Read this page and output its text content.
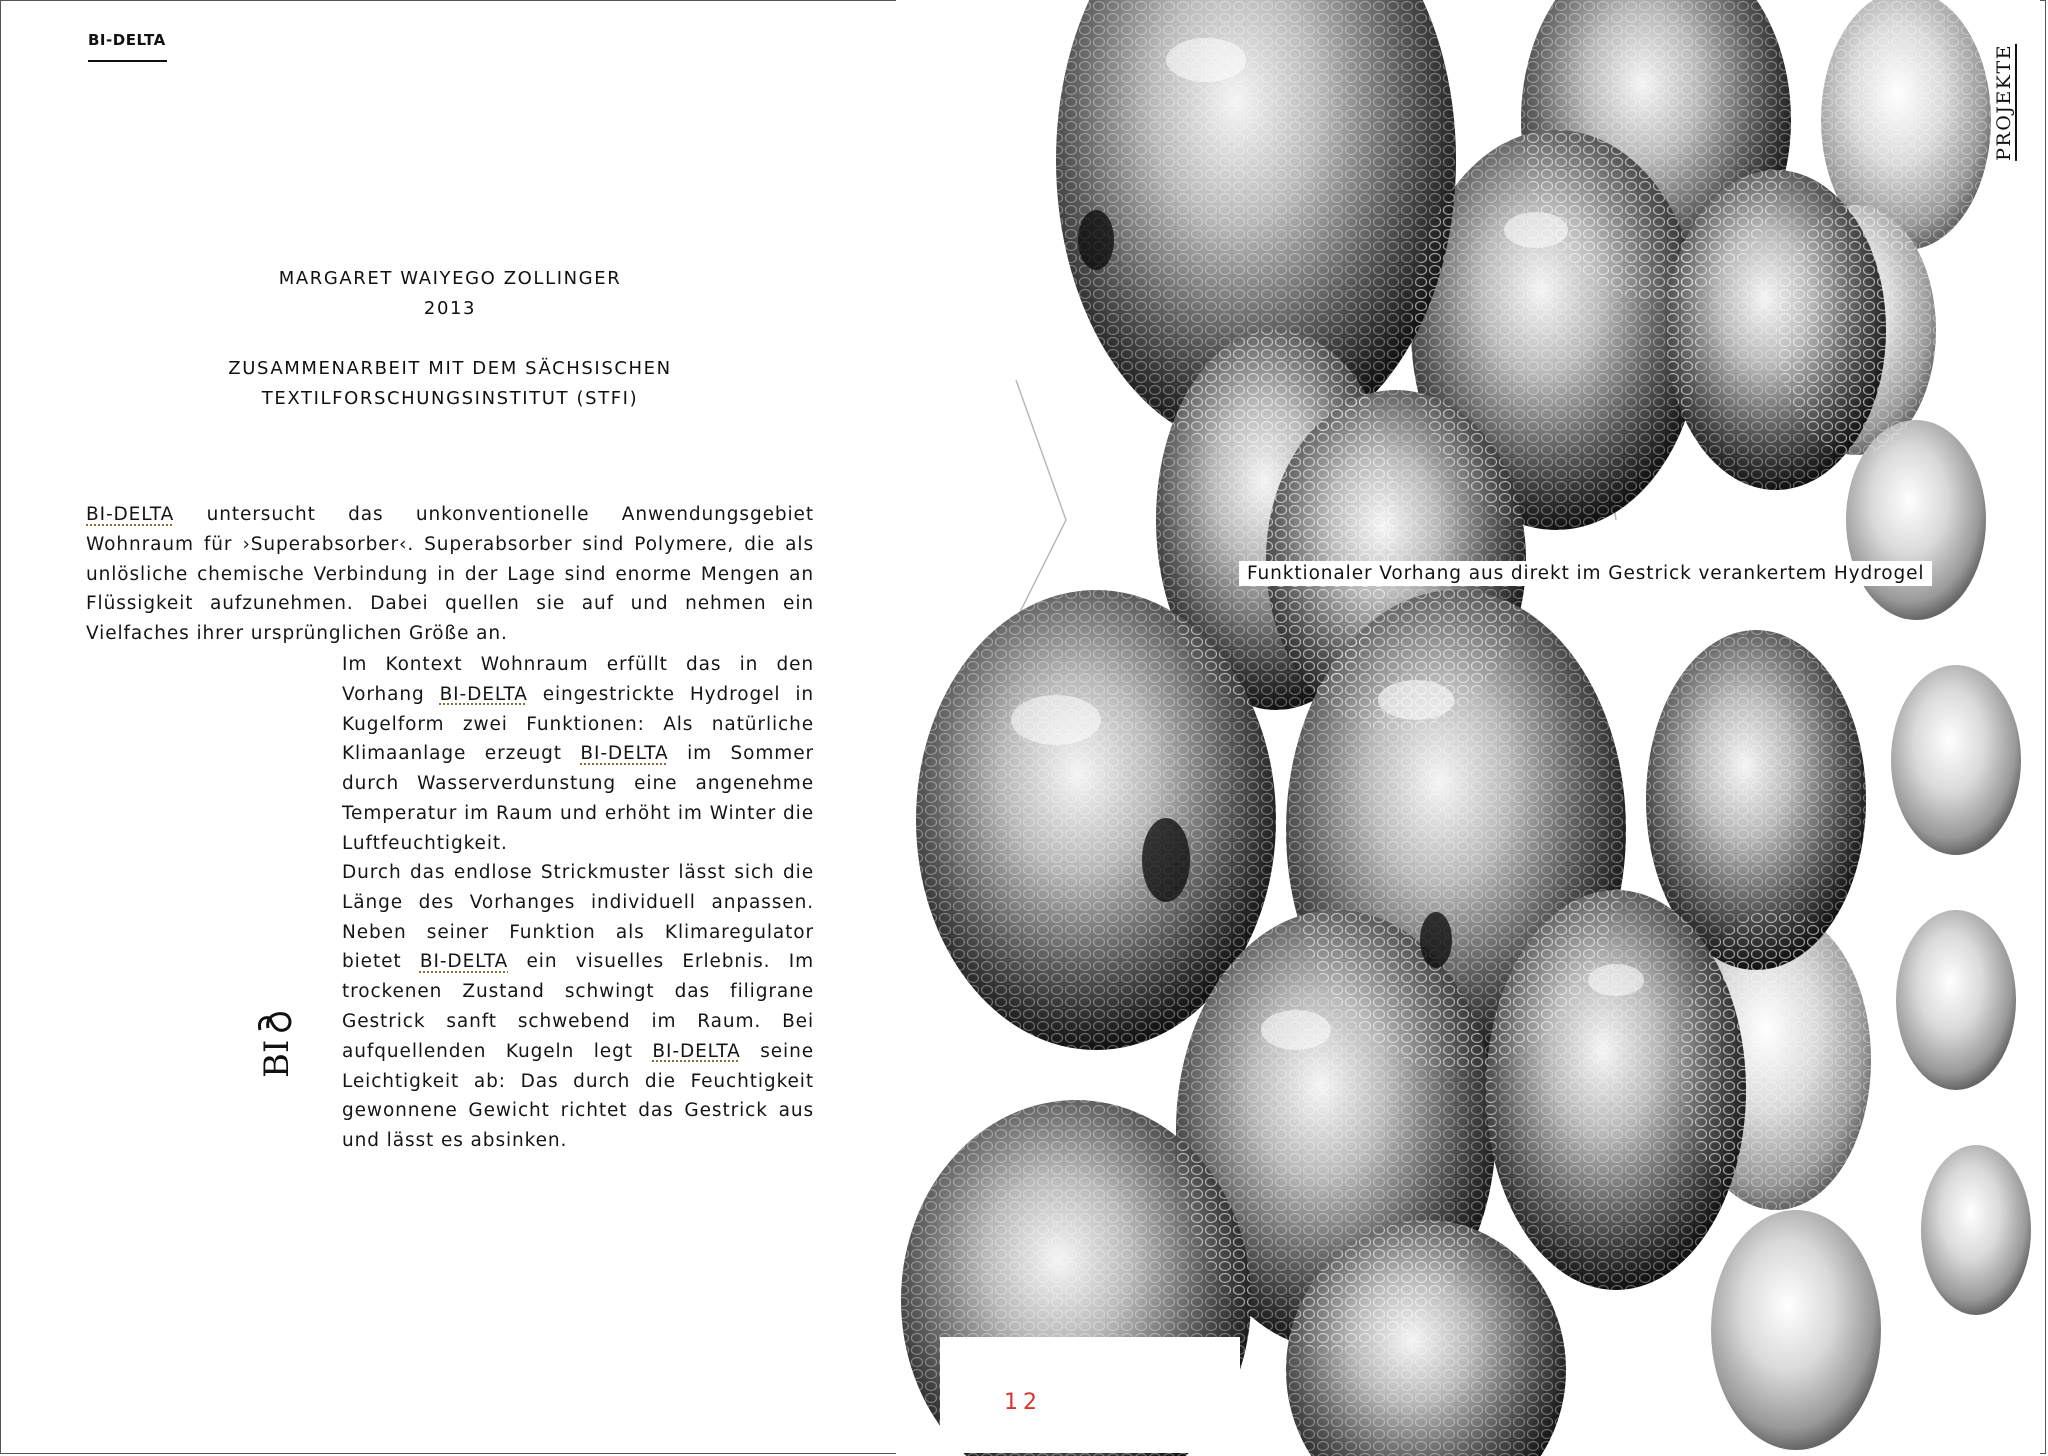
BI-DELTA
MARGARET WAIYEGO ZOLLINGER
2013
ZUSAMMENARBEIT MIT DEM SÄCHSISCHEN
TEXTILFORSCHUNGSINSTITUT (STFI)

BI-DELTA untersucht das unkonventionelle Anwendungsgebiet Wohnraum für ›Superabsorber‹. Superabsorber sind Polymere, die als unlösliche chemische Verbindung in der Lage sind enorme Mengen an Flüssigkeit aufzunehmen. Dabei quellen sie auf und nehmen ein Vielfaches ihrer ursprünglichen Größe an.

Im Kontext Wohnraum erfüllt das in den Vorhang BI-DELTA eingestrickte Hydrogel in Kugelform zwei Funktionen: Als natürliche Klimaanlage erzeugt BI-DELTA im Sommer durch Wasserverdunstung eine angenehme Temperatur im Raum und erhöht im Winter die Luftfeuchtigkeit.

Durch das endlose Strickmuster lässt sich die Länge des Vorhanges individuell anpassen. Neben seiner Funktion als Klimaregulator bietet BI-DELTA ein visuelles Erlebnis. Im trockenen Zustand schwingt das filigrane Gestrick sanft schwebend im Raum. Bei aufquellenden Kugeln legt BI-DELTA seine Leichtigkeit ab: Das durch die Feuchtigkeit gewonnene Gewicht richtet das Gestrick aus und lässt es absinken.

BI
Funktionaler Vorhang aus direkt im Gestrick verankertem Hydrogel
PROJEKTE
12
